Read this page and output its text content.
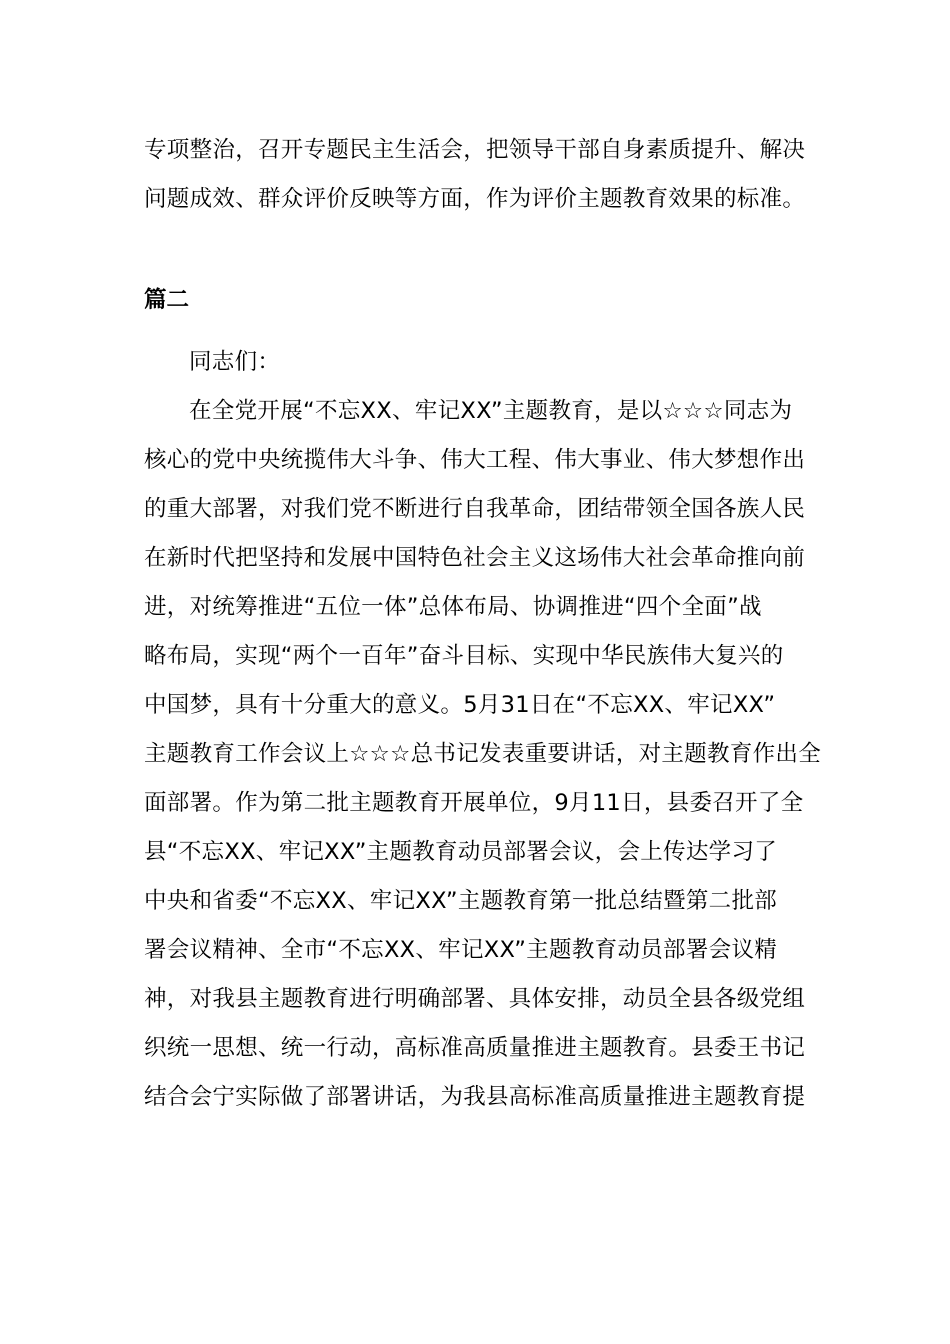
专项整治，召开专题民主生活会，把领导干部自身素质提升、解决
问题成效、群众评价反映等方面，作为评价主题教育效果的标准。
篇二
同志们：
在全党开展“不忘XX、牢记XX”主题教育，是以☆☆☆同志为
核心的党中央统揽伟大斗争、伟大工程、伟大事业、伟大梦想作出
的重大部署，对我们党不断进行自我革命，团结带领全国各族人民
在新时代把坚持和发展中国特色社会主义这场伟大社会革命推向前
进，对统筹推进“五位一体”总体布局、协调推进“四个全面”战
略布局，实现“两个一百年”奋斗目标、实现中华民族伟大复兴的
中国梦，具有十分重大的意义。5月31日在“不忘XX、牢记XX”
主题教育工作会议上☆☆☆总书记发表重要讲话，对主题教育作出全
面部署。作为第二批主题教育开展单位，9月11日，县委召开了全
县“不忘XX、牢记XX”主题教育动员部署会议，会上传达学习了
中央和省委“不忘XX、牢记XX”主题教育第一批总结暨第二批部
署会议精神、全市“不忘XX、牢记XX”主题教育动员部署会议精
神，对我县主题教育进行明确部署、具体安排，动员全县各级党组
织统一思想、统一行动，高标准高质量推进主题教育。县委王书记
结合会宁实际做了部署讲话，为我县高标准高质量推进主题教育提
